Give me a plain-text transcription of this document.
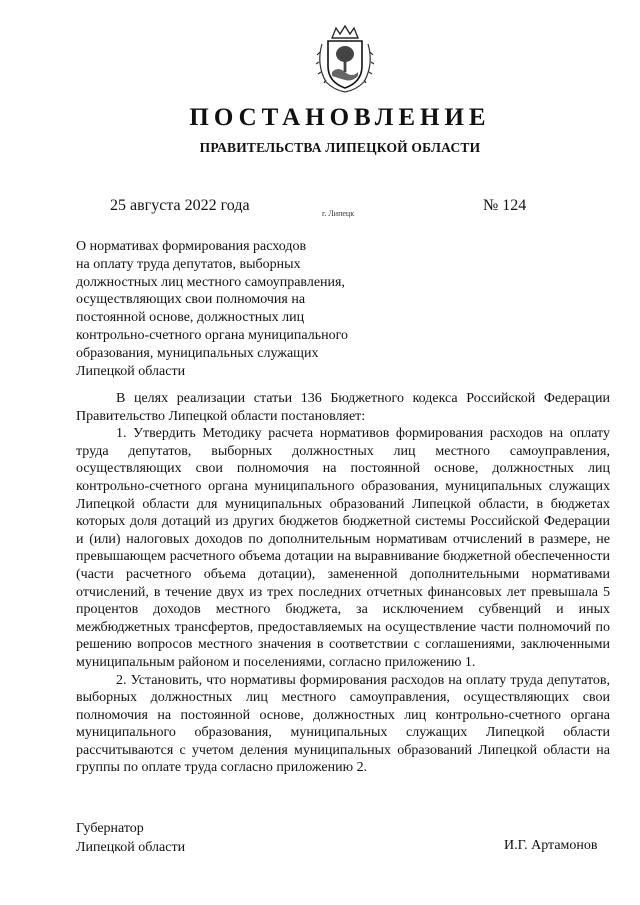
ПОСТАНОВЛЕНИЕ
ПРАВИТЕЛЬСТВА ЛИПЕЦКОЙ ОБЛАСТИ
25 августа 2022 года	г. Липецк	№ 124
О нормативах формирования расходов
на оплату труда депутатов, выборных
должностных лиц местного самоуправления,
осуществляющих свои полномочия на
постоянной основе, должностных лиц
контрольно-счетного органа муниципального
образования, муниципальных служащих
Липецкой области

В целях реализации статьи 136 Бюджетного кодекса Российской Федерации Правительство Липецкой области постановляет:

1. Утвердить Методику расчета нормативов формирования расходов на оплату труда депутатов, выборных должностных лиц местного самоуправления, осуществляющих свои полномочия на постоянной основе, должностных лиц контрольно-счетного органа муниципального образования, муниципальных служащих Липецкой области для муниципальных образований Липецкой области, в бюджетах которых доля дотаций из других бюджетов бюджетной системы Российской Федерации и (или) налоговых доходов по дополнительным нормативам отчислений в размере, не превышающем расчетного объема дотации на выравнивание бюджетной обеспеченности (части расчетного объема дотации), замененной дополнительными нормативами отчислений, в течение двух из трех последних отчетных финансовых лет превышала 5 процентов доходов местного бюджета, за исключением субвенций и иных межбюджетных трансфертов, предоставляемых на осуществление части полномочий по решению вопросов местного значения в соответствии с соглашениями, заключенными муниципальным районом и поселениями, согласно приложению 1.

2. Установить, что нормативы формирования расходов на оплату труда депутатов, выборных должностных лиц местного самоуправления, осуществляющих свои полномочия на постоянной основе, должностных лиц контрольно-счетного органа муниципального образования, муниципальных служащих Липецкой области рассчитываются с учетом деления муниципальных образований Липецкой области на группы по оплате труда согласно приложению 2.

Губернатор
Липецкой области	И.Г. Артамонов
